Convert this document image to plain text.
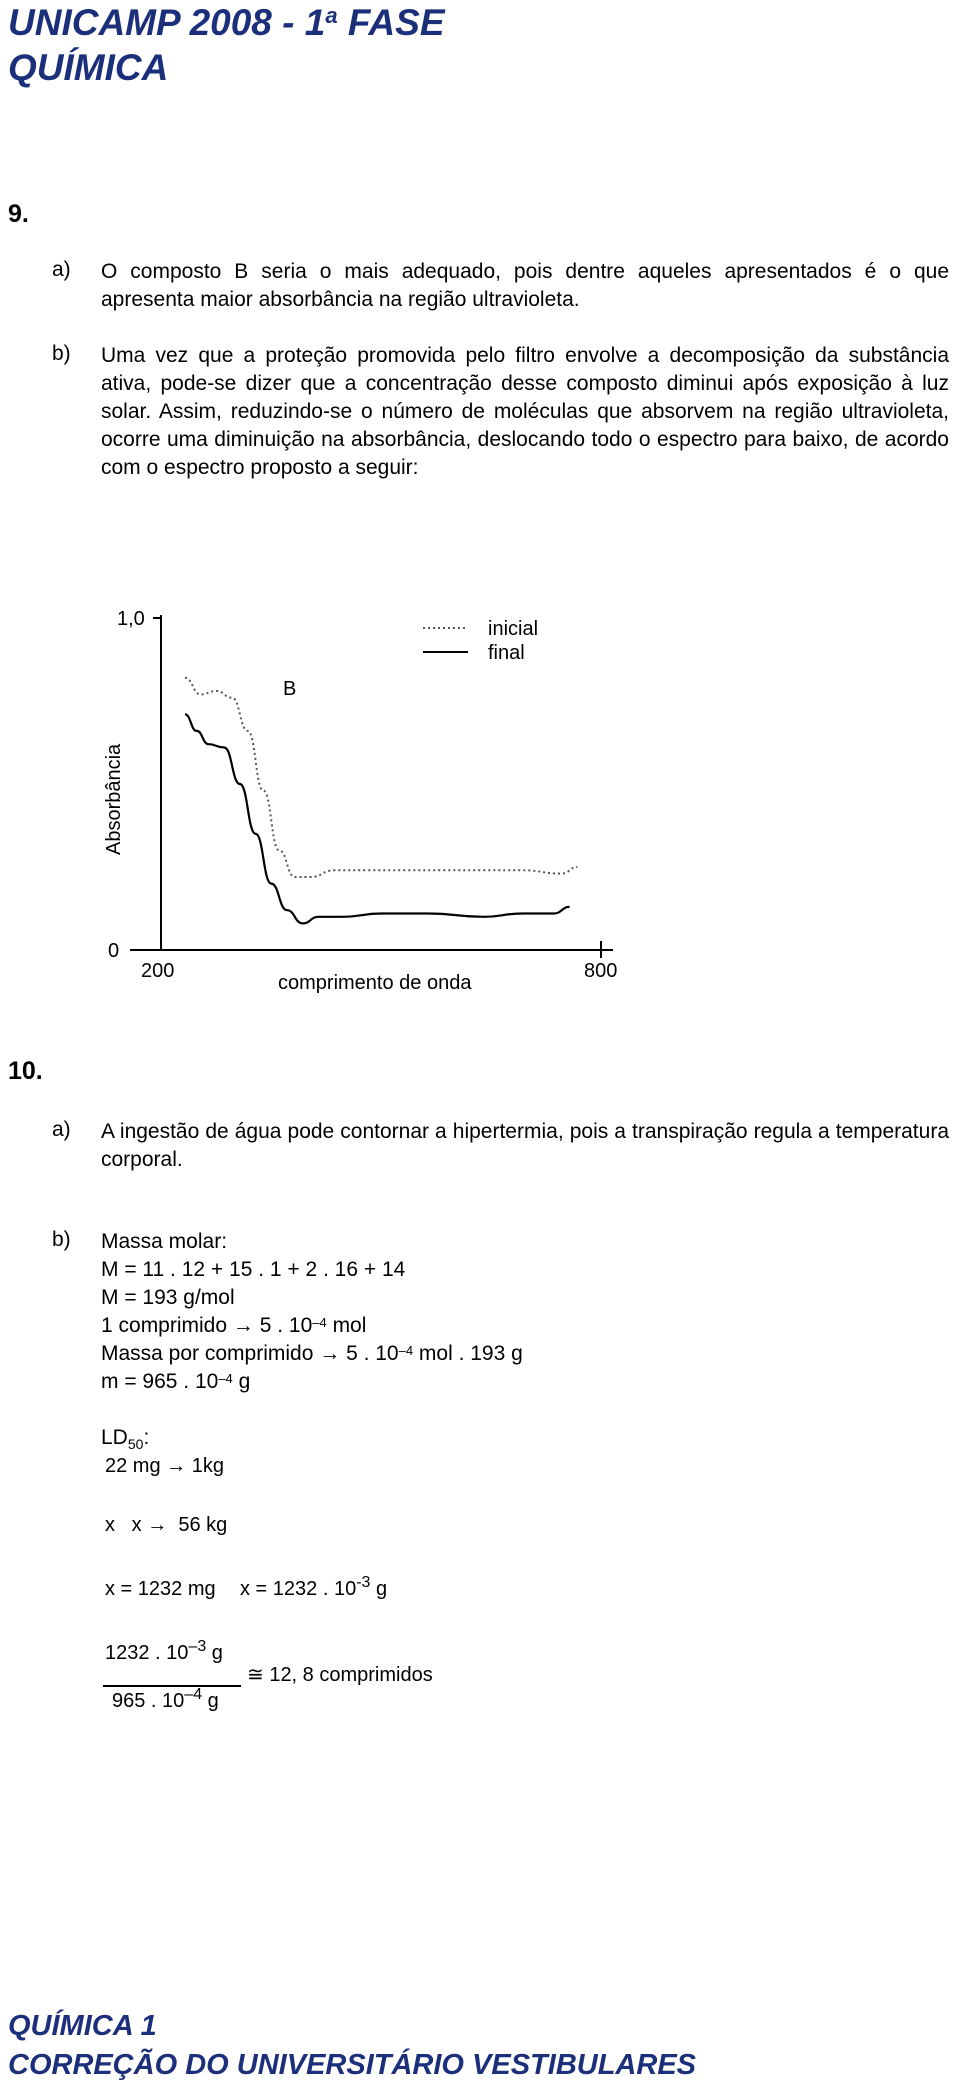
UNICAMP 2008 - 1$^a$ FASE
QUÍMICA
9.
a) O composto B seria o mais adequado, pois dentre aqueles apresentados é o que apresenta maior absorbância na região ultravioleta.
b) Uma vez que a proteção promovida pelo filtro envolve a decomposição da substância ativa, pode-se dizer que a concentração desse composto diminui após exposição à luz solar. Assim, reduzindo-se o número de moléculas que absorvem na região ultravioleta, ocorre uma diminuição na absorbância, deslocando todo o espectro para baixo, de acordo com o espectro proposto a seguir:
1,0
0
200	800
comprimento de onda
Absorbância
B
inicial
final
10.
a) A ingestão de água pode contornar a hipertermia, pois a transpiração regula a temperatura corporal.
b) Massa molar:
M = 11 . 12 + 15 . 1 + 2 . 16 + 14
M = 193 g/mol
1 comprimido → 5 . $10^{-4}$ mol
Massa por comprimido → 5 . $10^{-4}$ mol . 193 g
m = 965 . $10^{-4}$ g
$LD_{50}$:
22 mg → 1kg
x x → 56 kg
x = 1232 mg x = 1232 . $10^{-3}$ g
1232 . $10^{-3}$ g
965 . $10^{-4}$ g
≅ 12, 8 comprimidos
QUÍMICA 1
CORREÇÃO DO UNIVERSITÁRIO VESTIBULARES
